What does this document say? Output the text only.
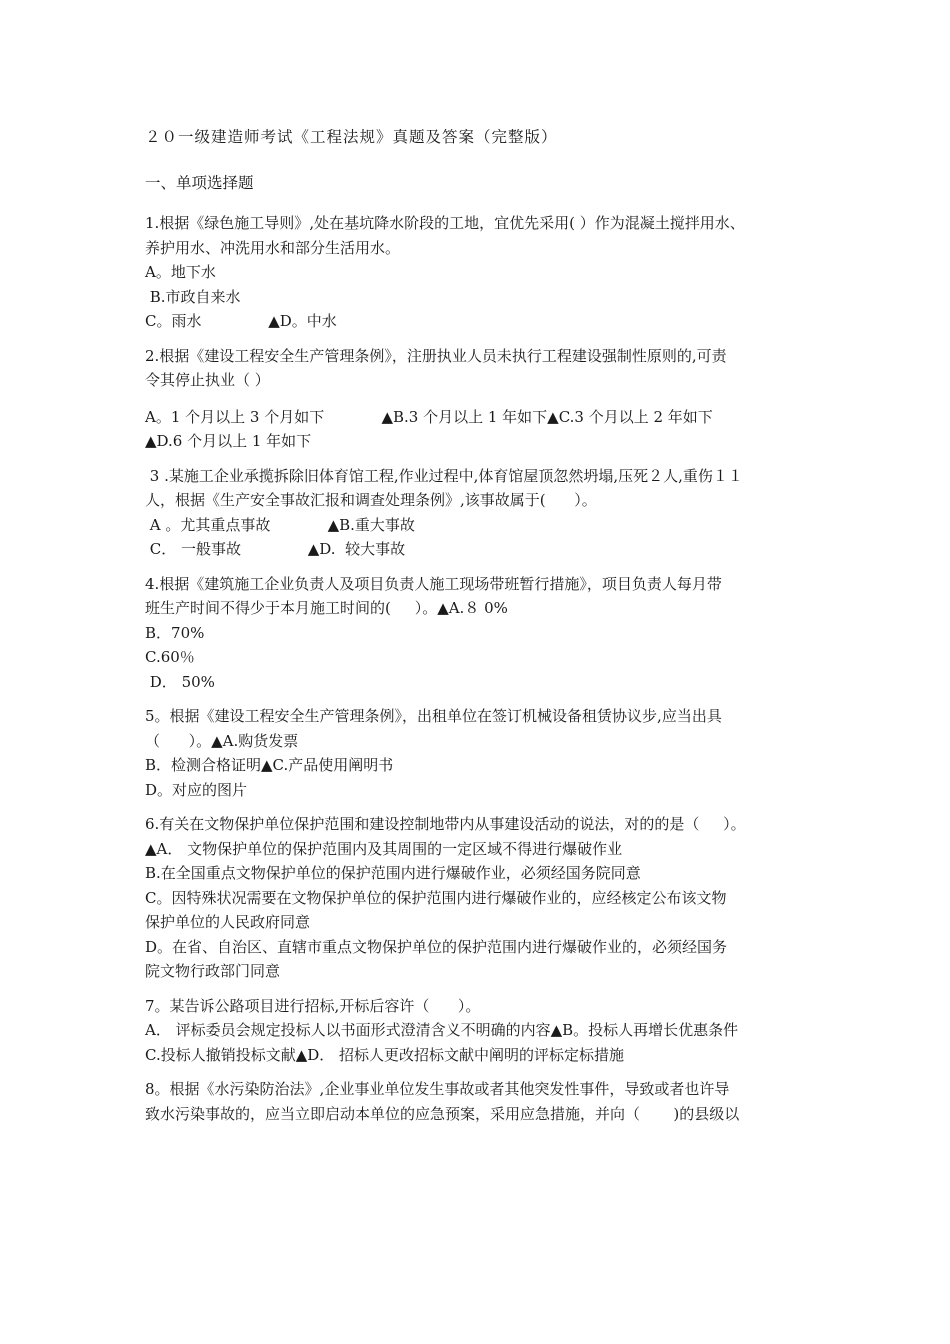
２０一级建造师考试《工程法规》真题及答案（完整版）
一、单项选择题

1.根据《绿色施工导则》,处在基坑降水阶段的工地，宜优先采用( ）作为混凝土搅拌用水、

养护用水、冲洗用水和部分生活用水。

A。地下水

B.市政自来水

C。雨水              ▲D。中水

2.根据《建设工程安全生产管理条例》，注册执业人员未执行工程建设强制性原则的,可责

令其停止执业（ ）

A。1 个月以上 3 个月如下            ▲B.3 个月以上 1 年如下▲C.3 个月以上 2 年如下

▲D.6 个月以上 1 年如下

3 .某施工企业承揽拆除旧体育馆工程,作业过程中,体育馆屋顶忽然坍塌,压死２人,重伤１１

人，根据《生产安全事故汇报和调查处理条例》,该事故属于(      ）。

A 。尤其重点事故            ▲B.重大事故

C． 一般事故              ▲D.  较大事故

4.根据《建筑施工企业负责人及项目负责人施工现场带班暂行措施》，项目负责人每月带

班生产时间不得少于本月施工时间的(     ）。▲A.８ 0%

B．70%

C.60％

D． 50%

5。根据《建设工程安全生产管理条例》，出租单位在签订机械设备租赁协议步,应当出具

（      ）。▲A.购货发票

B．检测合格证明▲C.产品使用阐明书

D。对应的图片

6.有关在文物保护单位保护范围和建设控制地带内从事建设活动的说法，对的的是（     ）。

▲A． 文物保护单位的保护范围内及其周围的一定区域不得进行爆破作业

B.在全国重点文物保护单位的保护范围内进行爆破作业，必须经国务院同意

C。因特殊状况需要在文物保护单位的保护范围内进行爆破作业的，应经核定公布该文物

保护单位的人民政府同意

D。在省、自治区、直辖市重点文物保护单位的保护范围内进行爆破作业的，必须经国务

院文物行政部门同意

7。某告诉公路项目进行招标,开标后容许（      ）。

A． 评标委员会规定投标人以书面形式澄清含义不明确的内容▲B。投标人再增长优惠条件

C.投标人撤销投标文献▲D． 招标人更改招标文献中阐明的评标定标措施

8。根据《水污染防治法》,企业事业单位发生事故或者其他突发性事件，导致或者也许导

致水污染事故的，应当立即启动本单位的应急预案，采用应急措施，并向（       )的县级以
